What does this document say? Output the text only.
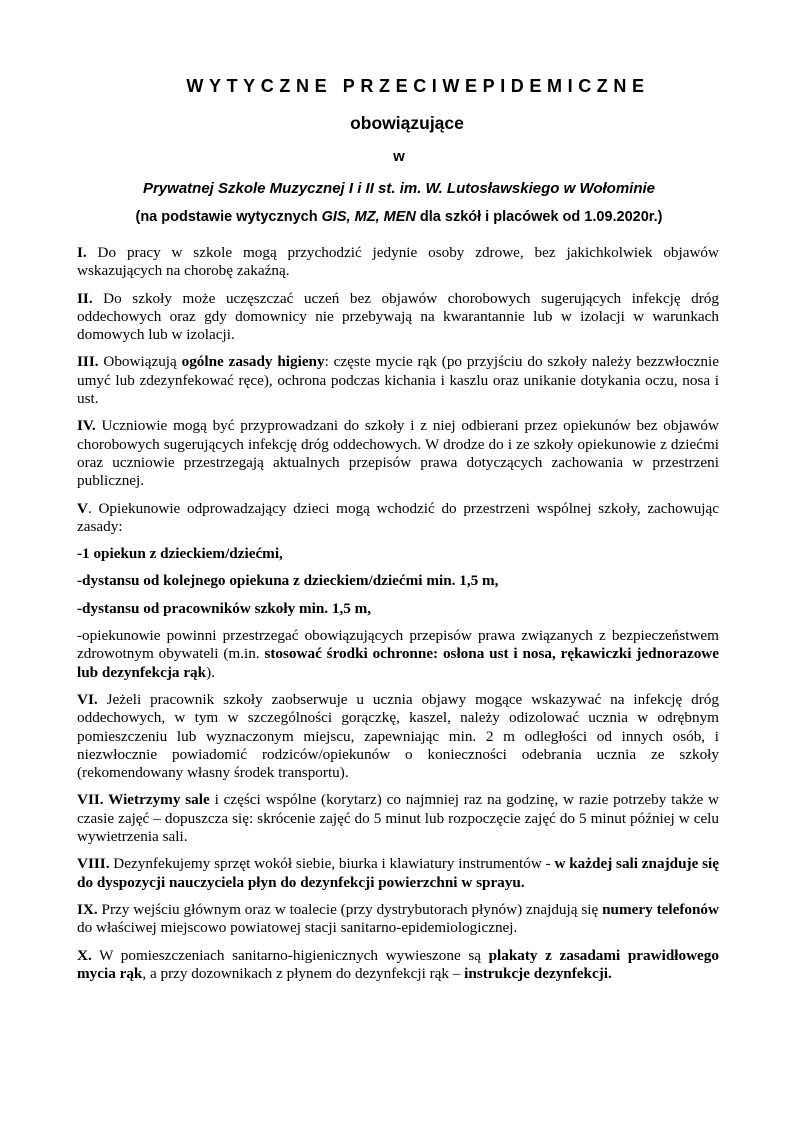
WYTYCZNE PRZECIWEPIDEMICZNE
obowiązujące
w
Prywatnej Szkole Muzycznej I i II st. im. W. Lutosławskiego w Wołominie
(na podstawie wytycznych GIS, MZ, MEN dla szkół i placówek od 1.09.2020r.)

I. Do pracy w szkole mogą przychodzić jedynie osoby zdrowe, bez jakichkolwiek objawów wskazujących na chorobę zakaźną.

II. Do szkoły może uczęszczać uczeń bez objawów chorobowych sugerujących infekcję dróg oddechowych oraz gdy domownicy nie przebywają na kwarantannie lub w izolacji w warunkach domowych lub w izolacji.

III. Obowiązują ogólne zasady higieny: częste mycie rąk (po przyjściu do szkoły należy bezzwłocznie umyć lub zdezynfekować ręce), ochrona podczas kichania i kaszlu oraz unikanie dotykania oczu, nosa i ust.

IV. Uczniowie mogą być przyprowadzani do szkoły i z niej odbierani przez opiekunów bez objawów chorobowych sugerujących infekcję dróg oddechowych. W drodze do i ze szkoły opiekunowie z dziećmi oraz uczniowie przestrzegają aktualnych przepisów prawa dotyczących zachowania w przestrzeni publicznej.

V. Opiekunowie odprowadzający dzieci mogą wchodzić do przestrzeni wspólnej szkoły, zachowując zasady:

-1 opiekun z dzieckiem/dziećmi,

-dystansu od kolejnego opiekuna z dzieckiem/dziećmi min. 1,5 m,

-dystansu od pracowników szkoły min. 1,5 m,

-opiekunowie powinni przestrzegać obowiązujących przepisów prawa związanych z bezpieczeństwem zdrowotnym obywateli (m.in. stosować środki ochronne: osłona ust i nosa, rękawiczki jednorazowe lub dezynfekcja rąk).

VI. Jeżeli pracownik szkoły zaobserwuje u ucznia objawy mogące wskazywać na infekcję dróg oddechowych, w tym w szczególności gorączkę, kaszel, należy odizolować ucznia w odrębnym pomieszczeniu lub wyznaczonym miejscu, zapewniając min. 2 m odległości od innych osób, i niezwłocznie powiadomić rodziców/opiekunów o konieczności odebrania ucznia ze szkoły (rekomendowany własny środek transportu).

VII. Wietrzymy sale i części wspólne (korytarz) co najmniej raz na godzinę, w razie potrzeby także w czasie zajęć – dopuszcza się: skrócenie zajęć do 5 minut lub rozpoczęcie zajęć do 5 minut później w celu wywietrzenia sali.

VIII. Dezynfekujemy sprzęt wokół siebie, biurka i klawiatury instrumentów - w każdej sali znajduje się do dyspozycji nauczyciela płyn do dezynfekcji powierzchni w sprayu.

IX. Przy wejściu głównym oraz w toalecie (przy dystrybutorach płynów) znajdują się numery telefonów do właściwej miejscowo powiatowej stacji sanitarno-epidemiologicznej.

X. W pomieszczeniach sanitarno-higienicznych wywieszone są plakaty z zasadami prawidłowego mycia rąk, a przy dozownikach z płynem do dezynfekcji rąk – instrukcje dezynfekcji.
